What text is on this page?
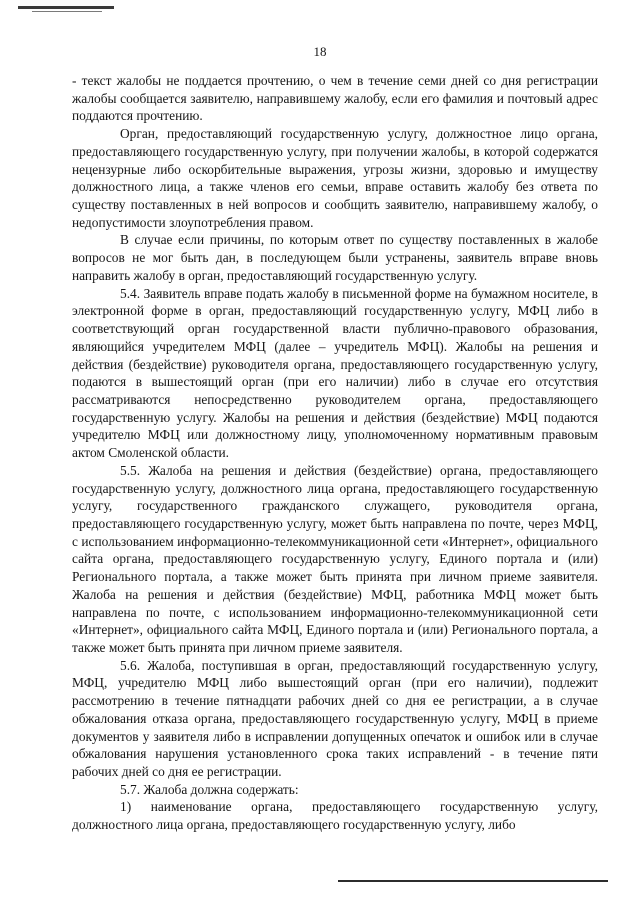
18

- текст жалобы не поддается прочтению, о чем в течение семи дней со дня регистрации жалобы сообщается заявителю, направившему жалобу, если его фамилия и почтовый адрес поддаются прочтению.

Орган, предоставляющий государственную услугу, должностное лицо органа, предоставляющего государственную услугу, при получении жалобы, в которой содержатся нецензурные либо оскорбительные выражения, угрозы жизни, здоровью и имуществу должностного лица, а также членов его семьи, вправе оставить жалобу без ответа по существу поставленных в ней вопросов и сообщить заявителю, направившему жалобу, о недопустимости злоупотребления правом.

В случае если причины, по которым ответ по существу поставленных в жалобе вопросов не мог быть дан, в последующем были устранены, заявитель вправе вновь направить жалобу в орган, предоставляющий государственную услугу.

5.4. Заявитель вправе подать жалобу в письменной форме на бумажном носителе, в электронной форме в орган, предоставляющий государственную услугу, МФЦ либо в соответствующий орган государственной власти публично-правового образования, являющийся учредителем МФЦ (далее – учредитель МФЦ). Жалобы на решения и действия (бездействие) руководителя органа, предоставляющего государственную услугу, подаются в вышестоящий орган (при его наличии) либо в случае его отсутствия рассматриваются непосредственно руководителем органа, предоставляющего государственную услугу. Жалобы на решения и действия (бездействие) МФЦ подаются учредителю МФЦ или должностному лицу, уполномоченному нормативным правовым актом Смоленской области.

5.5. Жалоба на решения и действия (бездействие) органа, предоставляющего государственную услугу, должностного лица органа, предоставляющего государственную услугу, государственного гражданского служащего, руководителя органа, предоставляющего государственную услугу, может быть направлена по почте, через МФЦ, с использованием информационно-телекоммуникационной сети «Интернет», официального сайта органа, предоставляющего государственную услугу, Единого портала и (или) Регионального портала, а также может быть принята при личном приеме заявителя. Жалоба на решения и действия (бездействие) МФЦ, работника МФЦ может быть направлена по почте, с использованием информационно-телекоммуникационной сети «Интернет», официального сайта МФЦ, Единого портала и (или) Регионального портала, а также может быть принята при личном приеме заявителя.

5.6. Жалоба, поступившая в орган, предоставляющий государственную услугу, МФЦ, учредителю МФЦ либо вышестоящий орган (при его наличии), подлежит рассмотрению в течение пятнадцати рабочих дней со дня ее регистрации, а в случае обжалования отказа органа, предоставляющего государственную услугу, МФЦ в приеме документов у заявителя либо в исправлении допущенных опечаток и ошибок или в случае обжалования нарушения установленного срока таких исправлений - в течение пяти рабочих дней со дня ее регистрации.

5.7. Жалоба должна содержать:

1) наименование органа, предоставляющего государственную услугу, должностного лица органа, предоставляющего государственную услугу, либо
